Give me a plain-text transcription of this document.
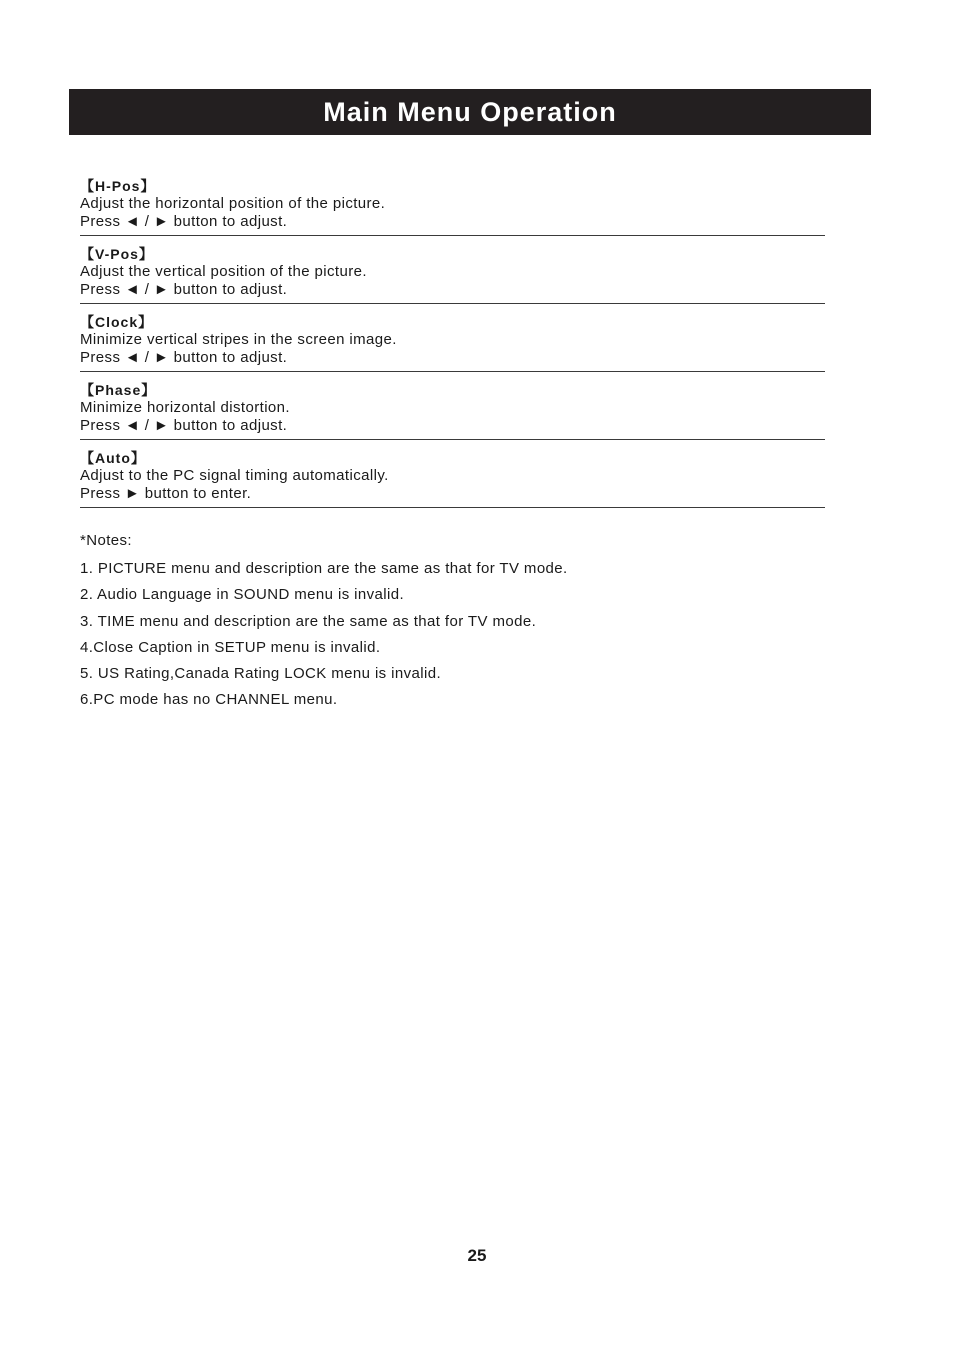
Main Menu Operation
【H-Pos】
Adjust the horizontal position of the picture.
Press ◄ / ► button to adjust.
【V-Pos】
Adjust the vertical position of the picture.
Press ◄ / ► button to adjust.
【Clock】
Minimize vertical stripes in the screen image.
Press ◄ / ► button to adjust.
【Phase】
Minimize horizontal distortion.
Press ◄ / ► button to adjust.
【Auto】
Adjust to the PC signal timing automatically.
Press ► button to enter.
*Notes:
1. PICTURE menu and description are the same as that for TV mode.
2. Audio Language in SOUND menu is invalid.
3. TIME menu and description are the same as that for TV mode.
4.Close Caption in SETUP menu is invalid.
5. US Rating,Canada Rating LOCK menu is invalid.
6.PC mode has no CHANNEL menu.
25
